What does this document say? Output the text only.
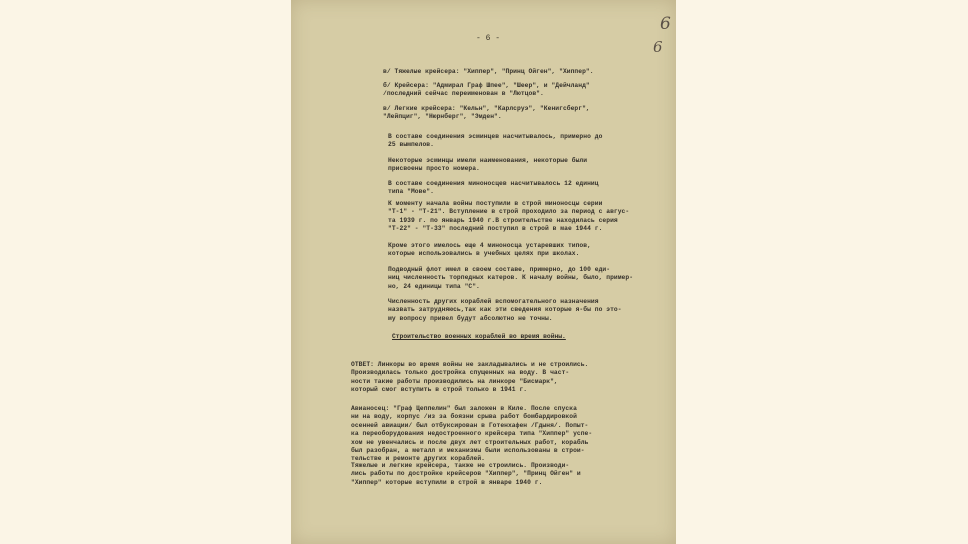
- 6 -
6
6
в/ Тяжелые крейсера: "Хиппер", "Принц Ойген", "Хиппер".
б/ Крейсера: "Адмирал Граф Шпее", "Шеер", и "Дейчланд"
/последний сейчас переименован в "Лютцов".
в/ Легкие крейсера: "Кельн", "Карлсруэ", "Кенигсберг",
"Лейпциг", "Нюрнберг", "Эмден".
В составе соединения эсминцев насчитывалось, примерно до
25 вымпелов.
Некоторые эсминцы имели наименования, некоторые были
присвоены просто номера.
В составе соединения миноносцев насчитывалось 12 единиц
типа "Мове".
К моменту начала войны поступили в строй миноносцы серии
"Т-1" - "Т-21". Вступление в строй проходило за период с авгус-
та 1939 г. по январь 1940 г.В строительстве находилась серия
"Т-22" - "Т-33" последний поступил в строй в мае 1944 г.
Кроме этого имелось еще 4 миноносца устаревших типов,
которые использовались в учебных целях при школах.
Подводный флот имел в своем составе, примерно, до 100 еди-
ниц численность торпедных катеров. К началу войны, было, пример-
но, 24 единицы типа "С".
Численность других кораблей вспомогательного назначения
назвать затрудняюсь,так как эти сведения которые я-бы по это-
му вопросу привел будут абсолютно не точны.
Строительство военных кораблей во время войны.
ОТВЕТ: Линкоры во время войны не закладывались и не строились.
Производилась только достройка спущенных на воду. В част-
ности такие работы производились на линкоре "Бисмарк",
который смог вступить в строй только в 1941 г.
Авианосец: "Граф Цеппелин" был заложен в Киле. После спуска
ни на воду, корпус /из за боязни срыва работ бомбардировкой
осенней авиации/ был отбуксирован в Готенхафен /Гдыня/. Попыт-
ка переоборудования недостроенного крейсера типа "Хиппер" успе-
хом не увенчались и после двух лет строительных работ, корабль
был разобран, а металл и механизмы были использованы в строи-
тельстве и ремонте других кораблей.
Тяжелые и легкие крейсера, также не строились. Производи-
лись работы по достройке крейсеров "Хиппер", "Принц Ойген" и
"Хиппер" которые вступили в строй в январе 1940 г.
